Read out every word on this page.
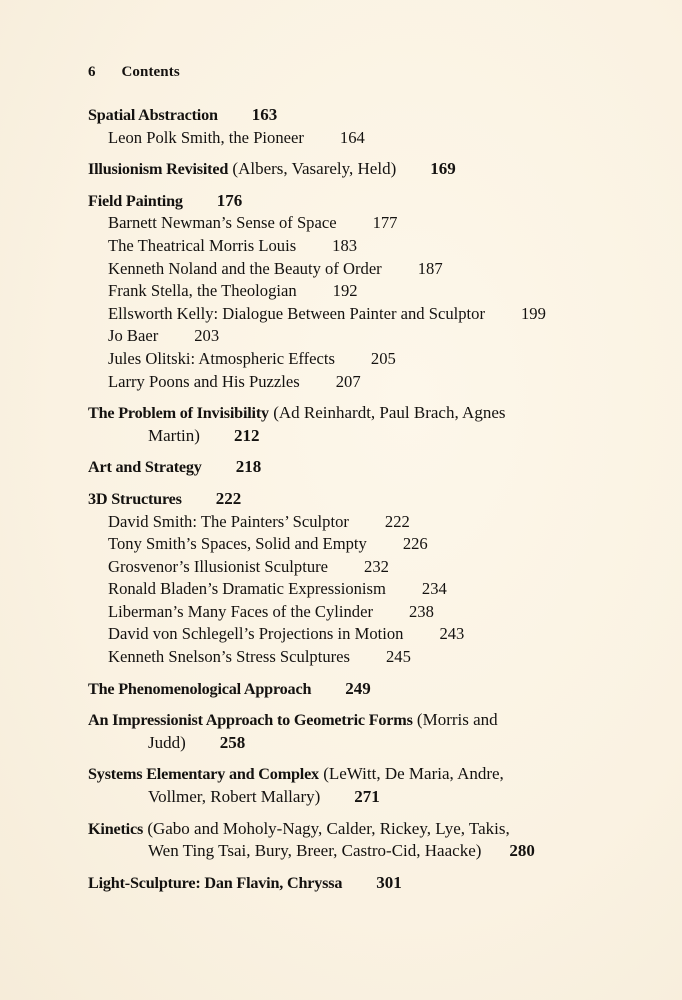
6 Contents
Spatial Abstraction 163
Leon Polk Smith, the Pioneer 164
Illusionism Revisited (Albers, Vasarely, Held) 169
Field Painting 176
Barnett Newman’s Sense of Space 177
The Theatrical Morris Louis 183
Kenneth Noland and the Beauty of Order 187
Frank Stella, the Theologian 192
Ellsworth Kelly: Dialogue Between Painter and Sculptor 199
Jo Baer 203
Jules Olitski: Atmospheric Effects 205
Larry Poons and His Puzzles 207
The Problem of Invisibility (Ad Reinhardt, Paul Brach, Agnes
Martin) 212
Art and Strategy 218
3D Structures 222
David Smith: The Painters’ Sculptor 222
Tony Smith’s Spaces, Solid and Empty 226
Grosvenor’s Illusionist Sculpture 232
Ronald Bladen’s Dramatic Expressionism 234
Liberman’s Many Faces of the Cylinder 238
David von Schlegell’s Projections in Motion 243
Kenneth Snelson’s Stress Sculptures 245
The Phenomenological Approach 249
An Impressionist Approach to Geometric Forms (Morris and
Judd) 258
Systems Elementary and Complex (LeWitt, De Maria, Andre,
Vollmer, Robert Mallary) 271
Kinetics (Gabo and Moholy-Nagy, Calder, Rickey, Lye, Takis,
Wen Ting Tsai, Bury, Breer, Castro-Cid, Haacke) 280
Light-Sculpture: Dan Flavin, Chryssa 301
